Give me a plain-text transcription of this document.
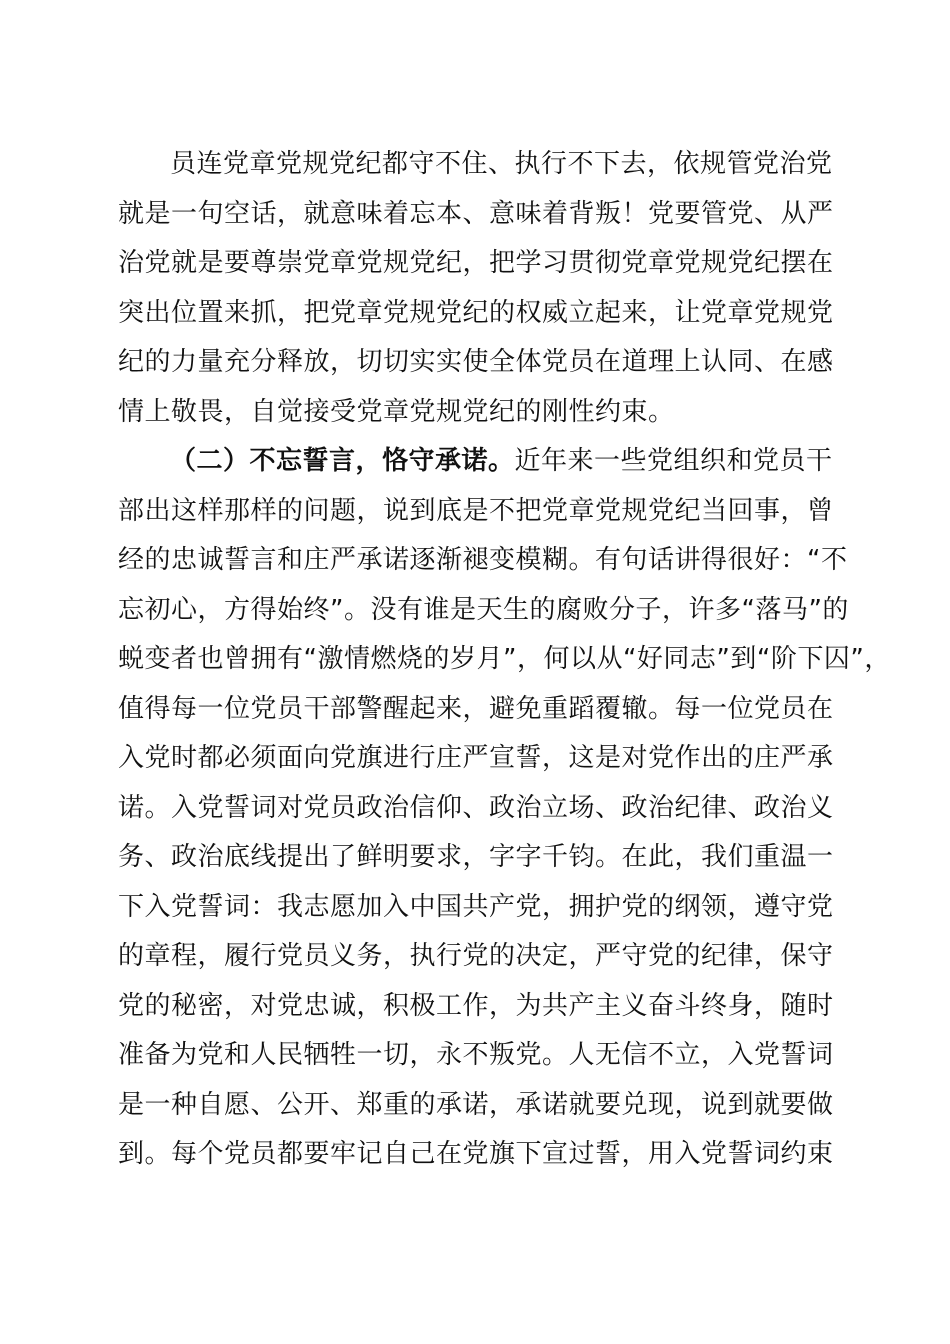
员连党章党规党纪都守不住、执行不下去，依规管党治党
就是一句空话，就意味着忘本、意味着背叛！党要管党、从严
治党就是要尊崇党章党规党纪，把学习贯彻党章党规党纪摆在
突出位置来抓，把党章党规党纪的权威立起来，让党章党规党
纪的力量充分释放，切切实实使全体党员在道理上认同、在感
情上敬畏，自觉接受党章党规党纪的刚性约束。
（二）不忘誓言，恪守承诺。近年来一些党组织和党员干
部出这样那样的问题，说到底是不把党章党规党纪当回事，曾
经的忠诚誓言和庄严承诺逐渐褪变模糊。有句话讲得很好：“不
忘初心，方得始终”。没有谁是天生的腐败分子，许多“落马”的
蜕变者也曾拥有“激情燃烧的岁月”，何以从“好同志”到“阶下囚”，
值得每一位党员干部警醒起来，避免重蹈覆辙。每一位党员在
入党时都必须面向党旗进行庄严宣誓，这是对党作出的庄严承
诺。入党誓词对党员政治信仰、政治立场、政治纪律、政治义
务、政治底线提出了鲜明要求，字字千钧。在此，我们重温一
下入党誓词：我志愿加入中国共产党，拥护党的纲领，遵守党
的章程，履行党员义务，执行党的决定，严守党的纪律，保守
党的秘密，对党忠诚，积极工作，为共产主义奋斗终身，随时
准备为党和人民牺牲一切，永不叛党。人无信不立，入党誓词
是一种自愿、公开、郑重的承诺，承诺就要兑现，说到就要做
到。每个党员都要牢记自己在党旗下宣过誓，用入党誓词约束
